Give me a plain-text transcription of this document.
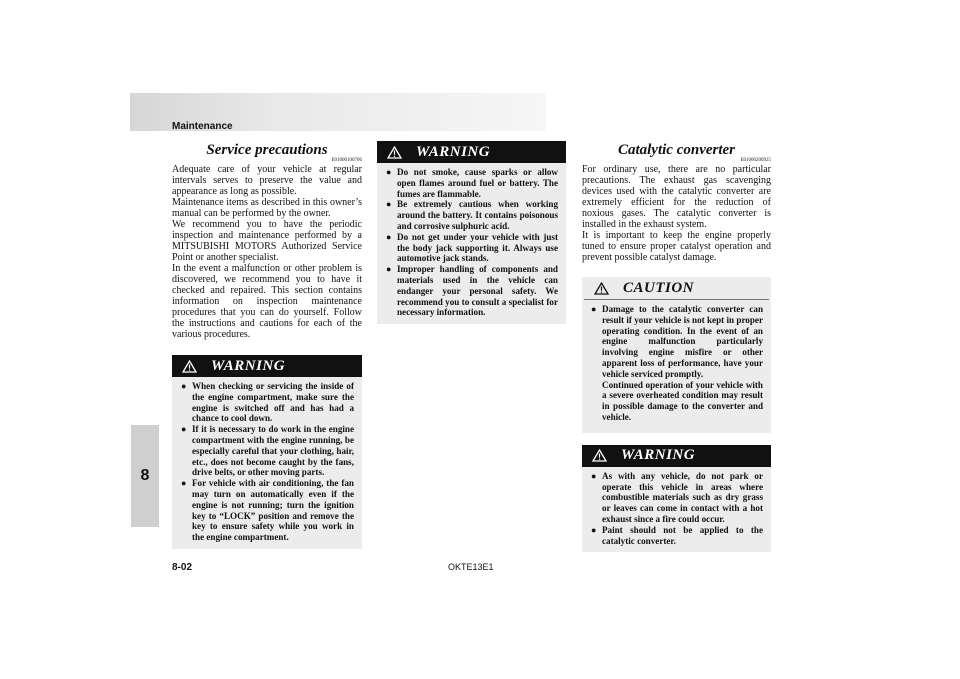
Maintenance
8
8-02	OKTE13E1
Service precautions
E01000100706

Adequate care of your vehicle at regular intervals serves to preserve the value and appearance as long as possible.

Maintenance items as described in this owner’s manual can be performed by the owner.

We recommend you to have the periodic inspection and maintenance performed by a MITSUBISHI MOTORS Authorized Service Point or another specialist.

In the event a malfunction or other problem is discovered, we recommend you to have it checked and repaired. This section contains information on inspection maintenance procedures that you can do yourself. Follow the instructions and cautions for each of the various procedures.

WARNING
●
When checking or servicing the inside of the engine compartment, make sure the engine is switched off and has had a chance to cool down.
●
If it is necessary to do work in the engine compartment with the engine running, be especially careful that your clothing, hair, etc., does not become caught by the fans, drive belts, or other moving parts.
●
For vehicle with air conditioning, the fan may turn on automatically even if the engine is not running; turn the ignition key to “LOCK” position and remove the key to ensure safety while you work in the engine compartment.
WARNING
●
Do not smoke, cause sparks or allow open flames around fuel or battery. The fumes are flammable.
●
Be extremely cautious when working around the battery. It contains poisonous and corrosive sulphuric acid.
●
Do not get under your vehicle with just the body jack supporting it. Always use automotive jack stands.
●
Improper handling of components and materials used in the vehicle can endanger your personal safety. We recommend you to consult a specialist for necessary information.
Catalytic converter
E01000200925

For ordinary use, there are no particular precautions. The exhaust gas scavenging devices used with the catalytic converter are extremely efficient for the reduction of noxious gases. The catalytic converter is installed in the exhaust system.

It is important to keep the engine properly tuned to ensure proper catalyst operation and prevent possible catalyst damage.

CAUTION
●
Damage to the catalytic converter can result if your vehicle is not kept in proper operating condition. In the event of an engine malfunction particularly involving engine misfire or other apparent loss of performance, have your vehicle serviced promptly.
Continued operation of your vehicle with a severe overheated condition may result in possible damage to the converter and vehicle.
WARNING
●
As with any vehicle, do not park or operate this vehicle in areas where combustible materials such as dry grass or leaves can come in contact with a hot exhaust since a fire could occur.
●
Paint should not be applied to the catalytic converter.
